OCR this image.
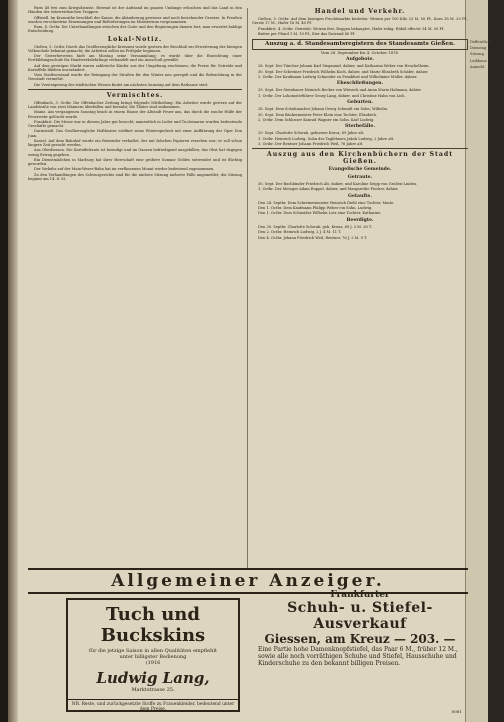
Paris 48 frei zum Kriegsdienste. Hiermit ist der Aufstand im ganzen Umfange erloschen und das Land in den Händen der österreichischen Truppen.

Offiziell. Im Kronrathe beschloß der Kaiser, die Abänderung gewisser und noch bestehender Gesetze. In Preußen wurden verschiedene Ernennungen und Beförderungen im Ministerium vorgenommen.

Rom, 4. Octbr. Die Unterhandlungen zwischen der Curie und den Regierungen dauern fort; man erwartet baldige Entscheidung.

Lokal-Notiz.

Gießen, 5. Octbr. Durch das Großherzogliche Kreisamt wurde gestern der Beschluß zur Erweiterung der hiesigen Volksschule bekannt gemacht; die Arbeiten sollen im Frühjahr beginnen.

Der Gewerbeverein hielt am Montag seine Versammlung; es wurde über die Einrichtung einer Fortbildungsschule für Handwerkslehrlinge verhandelt und ein Ausschuß gewählt.

Auf dem gestrigen Markt waren zahlreiche Käufer aus der Umgebung erschienen; die Preise für Getreide und Kartoffeln blieben unverändert.

Vom Stadtvorstand wurde die Reinigung der Straßen für den Winter neu geregelt und die Beleuchtung in der Neustadt vermehrt.

Die Versteigerung der städtischen Wiesen findet am nächsten Samstag auf dem Rathause statt.

Vermischtes.

Offenbach, 3. Octbr. Die Offenbacher Zeitung bringt folgende Mittheilung: Ein Arbeiter wurde gestern auf der Landstraße von zwei Männern überfallen und beraubt; die Thäter sind entkommen.

Mainz. Am vergangenen Sonntag brach in einem Hause der Altstadt Feuer aus, das durch die rasche Hülfe der Feuerwehr gelöscht wurde.

Frankfurt. Die Messe war in diesem Jahre gut besucht; namentlich in Leder und Tuchwaaren wurden bedeutende Geschäfte gemacht.

Darmstadt. Das Großherzogliche Hoftheater eröffnet seine Winterspielzeit mit einer Aufführung der Oper Don Juan.

Kassel. Auf dem Bahnhof wurde ein Reisender verhaftet, der mit falschen Papieren versehen war; er soll schon längere Zeit gesucht werden.

Aus Oberhessen. Die Kartoffelernte ist beendigt und im Ganzen befriedigend ausgefallen; das Obst hat dagegen wenig Ertrag gegeben.

Ein Dienstmädchen in Marburg hat ihrer Herrschaft eine größere Summe Geldes entwendet und ist flüchtig geworden.

Der Verkehr auf der Main-Weser-Bahn hat im verflossenen Monat wieder bedeutend zugenommen.

Zu den Verhandlungen des Schwurgerichts sind für die nächste Sitzung mehrere Fälle angemeldet; die Sitzung beginnt am 14. d. M.

Handel und Verkehr.

Gießen, 5. Octbr. Auf dem heutigen Fruchtmarkte kosteten: Weizen per 100 Kilo 23 M. 50 Pf., Korn 18 M. 20 Pf., Gerste 17 M., Hafer 16 M. 40 Pf.

Frankfurt, 4. Octbr. Getreide: Weizen fest, Roggen behauptet, Hafer ruhig. Rüböl effectiv 34 M. 50 Pf.

Butter per Pfund 1 M. 10 Pf., Eier das Dutzend 80 Pf.

Auszug a. d. Standesamtsregistern des Standesamts Gießen.
Vom 28. September bis 4. October 1876.
Aufgebote.

28. Sept. Der Tüncher Johann Karl Siegmund, dahier, und Katharina Weber von Heuchelheim.

30. Sept. Der Schreiner Friedrich Wilhelm Koch, dahier, und Marie Elisabeth Schäfer, dahier.

2. Octbr. Der Kaufmann Ludwig Schneider zu Frankfurt und Wilhelmine Müller, dahier.

Eheschließungen.

29. Sept. Der Steinhauer Heinrich Becker von Wieseck und Anna Maria Hofmann, dahier.

1. Octbr. Der Lokomotivführer Georg Lang, dahier, und Christine Hahn von Lich.

Geburten.

28. Sept. Dem Schuhmacher Johann Georg Schmidt ein Sohn, Wilhelm.

30. Sept. Dem Bäckermeister Peter Klein eine Tochter, Elisabeth.

2. Octbr. Dem Schlosser Konrad Wagner ein Sohn, Karl Ludwig.

Sterbefälle.

29. Sept. Charlotte Schwab, geborene Kreuz, 69 Jahre alt.

1. Octbr. Heinrich Ludwig, Sohn des Taglöhners Jakob Ludwig, 2 Jahre alt.

3. Octbr. Der Rentner Johann Friedrich Weil, 76 Jahre alt.

Auszug aus den Kirchenbüchern der Stadt Gießen.
Evangelische Gemeinde.
Getraute.

30. Sept. Der Buchbinder Friedrich Alt, dahier, und Karoline Seipp von Großen-Linden.

1. Octbr. Der Metzger Adam Ruppel, dahier, und Margarethe Fischer, dahier.

Getaufte.

Den 24. Septbr. Dem Schreinermeister Heinrich Diehl eine Tochter, Marie.

Den 1. Octbr. Dem Kaufmann Philipp Weber ein Sohn, Ludwig.

Den 1. Octbr. Dem Schneider Wilhelm Lotz eine Tochter, Katharine.

Beerdigte.

Den 30. Septbr. Charlotte Schwab, geb. Kreuz, 69 J. 5 M. 28 T.

Den 2. Octbr. Heinrich Ludwig, 2 J. 4 M. 11 T.

Den 4. Octbr. Johann Friedrich Weil, Rentner, 76 J. 2 M. 9 T.

Deffentliche
Dienstag
Sitzung
Leihhaus
Anmeld.
Allgemeiner Anzeiger.
Tuch und Buckskins
für die jetzige Saison in allen Qualitäten empfiehlt
unter billigster Bedienung
(1916
Ludwig Lang,
Marktstrasse 25.
NB. Reste, und zurückgesetzte Stoffe zu Frauenkleider, bedeutend unter dem Preise.
Frankfurter
Schuh- u. Stiefel-Ausverkauf
Giessen, am Kreuz — 203. —
Eine Partie hohe Damenknopfstiefel, das Paar 6 M., früher 12 M.,
sowie alle noch vorräthigen Schuhe und Stiefel, Hausschuhe und Kinderschuhe zu den bekannt billigen Preisen.
6081
